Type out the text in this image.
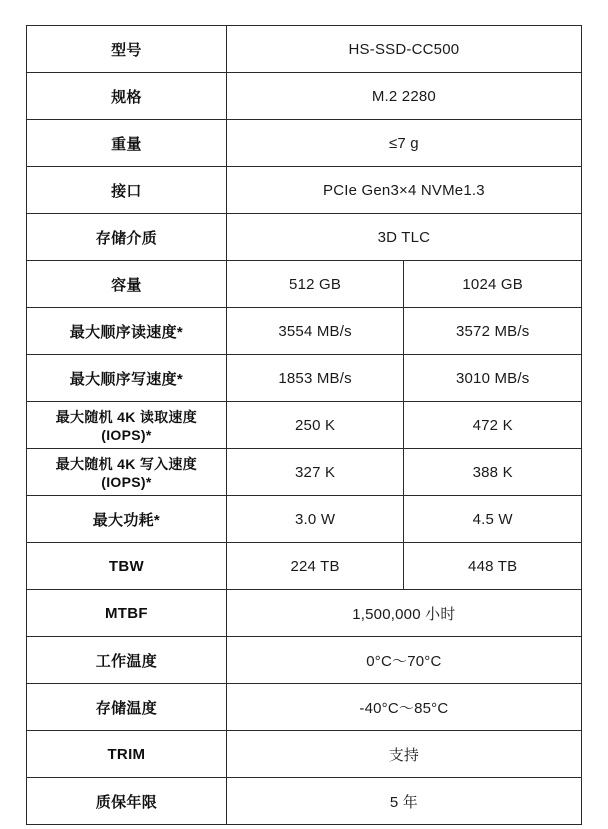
型号	HS-SSD-CC500	
规格	M.2 2280	
重量	≤7 g	
接口	PCIe Gen3×4 NVMe1.3	
存储介质	3D TLC	
容量	512 GB	1024 GB
最大顺序读速度*	3554 MB/s	3572 MB/s
最大顺序写速度*	1853 MB/s	3010 MB/s
最大随机 4K 读取速度(IOPS)*	250 K	472 K
最大随机 4K 写入速度(IOPS)*	327 K	388 K
最大功耗*	3.0 W	4.5 W
TBW	224 TB	448 TB
MTBF	1,500,000 小时	
工作温度	0°C～70°C	
存储温度	-40°C～85°C	
TRIM	支持	
质保年限	5 年	
